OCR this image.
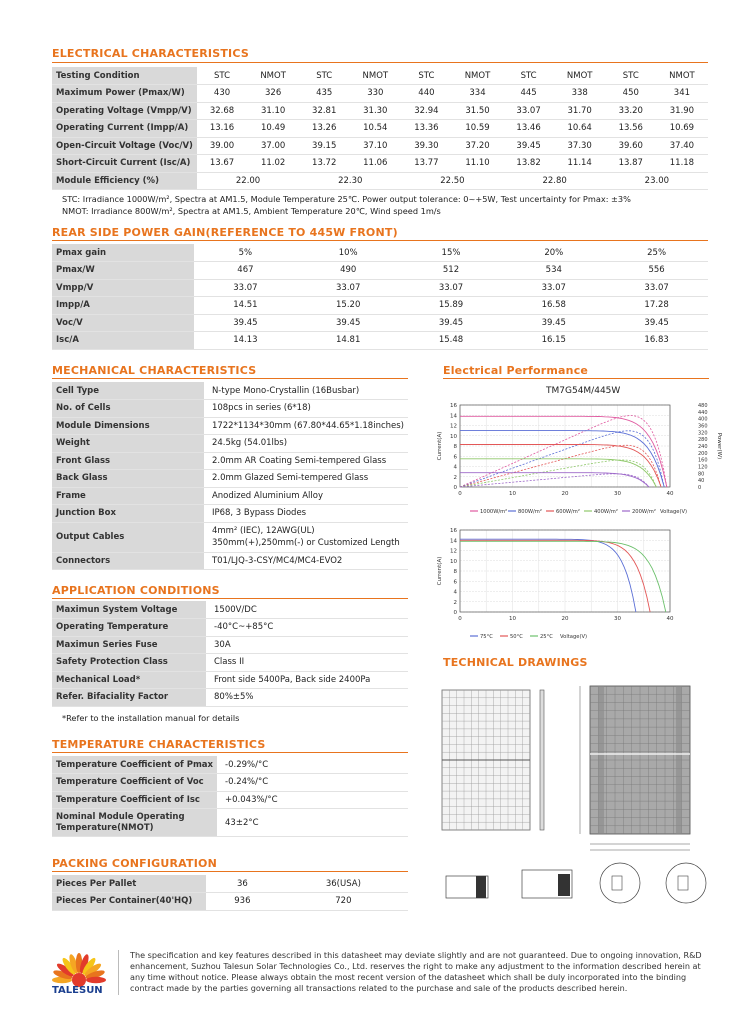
ELECTRICAL CHARACTERISTICS
Testing Condition	STC	NMOT	STC	NMOT	STC	NMOT	STC	NMOT	STC	NMOT
Maximum Power (Pmax/W)	430	326	435	330	440	334	445	338	450	341
Operating Voltage (Vmpp/V)	32.68	31.10	32.81	31.30	32.94	31.50	33.07	31.70	33.20	31.90
Operating Current (Impp/A)	13.16	10.49	13.26	10.54	13.36	10.59	13.46	10.64	13.56	10.69
Open-Circuit Voltage (Voc/V)	39.00	37.00	39.15	37.10	39.30	37.20	39.45	37.30	39.60	37.40
Short-Circuit Current (Isc/A)	13.67	11.02	13.72	11.06	13.77	11.10	13.82	11.14	13.87	11.18
Module Efficiency (%)	22.00		22.30		22.50		22.80		23.00	
STC: Irradiance 1000W/m², Spectra at AM1.5, Module Temperature 25℃. Power output tolerance: 0~+5W, Test uncertainty for Pmax: ±3%
NMOT: Irradiance 800W/m², Spectra at AM1.5, Ambient Temperature 20℃, Wind speed 1m/s
REAR SIDE POWER GAIN(REFERENCE TO 445W FRONT)
Pmax gain	5%	10%	15%	20%	25%
Pmax/W	467	490	512	534	556
Vmpp/V	33.07	33.07	33.07	33.07	33.07
Impp/A	14.51	15.20	15.89	16.58	17.28
Voc/V	39.45	39.45	39.45	39.45	39.45
Isc/A	14.13	14.81	15.48	16.15	16.83
MECHANICAL CHARACTERISTICS
Cell Type	N-type Mono-Crystallin (16Busbar)

No. of Cells	108pcs in series (6*18)

Module Dimensions	1722*1134*30mm (67.80*44.65*1.18inches)

Weight	24.5kg (54.01lbs)

Front Glass	2.0mm AR Coating Semi-tempered Glass

Back Glass	2.0mm Glazed Semi-tempered Glass

Frame	Anodized Aluminium Alloy

Junction Box	IP68, 3 Bypass Diodes

Output Cables	4mm² (IEC), 12AWG(UL)
350mm(+),250mm(-) or Customized Length

Connectors	T01/LJQ-3-CSY/MC4/MC4-EVO2
APPLICATION CONDITIONS
Maximun System Voltage	1500V/DC

Operating Temperature	-40°C~+85°C

Maximun Series Fuse	30A

Safety Protection Class	Class II

Mechanical Load*	Front side 5400Pa, Back side 2400Pa

Refer. Bifaciality Factor	80%±5%
*Refer to the installation manual for details
TEMPERATURE CHARACTERISTICS
Temperature Coefficient of Pmax	-0.29%/°C

Temperature Coefficient of Voc	-0.24%/°C

Temperature Coefficient of Isc	+0.043%/°C

Nominal Module Operating
Temperature(NMOT)	43±2°C
PACKING CONFIGURATION
Pieces Per Pallet	36	36(USA)
Pieces Per Container(40'HQ)	936	720
Electrical Performance
TM7G54M/445W
0	10	20	30	40
0
2
4
6
8
10
12
14
16
Current(A)
0
40
80
120
160
200
240
280
320
360
400
440
480
Power(W)
1000W/m² 800W/m²	600W/m²	400W/m²	200W/m² Voltage(V)
0	10	20	30	40
0
2
4
6
8
10
12
14
16
Current(A)
75°C	50°C	25°C Voltage(V)
TECHNICAL DRAWINGS
TALESUN
The specification and key features described in this datasheet may deviate slightly and are not guaranteed. Due to ongoing innovation, R&D enhancement, Suzhou Talesun Solar Technologies Co., Ltd. reserves the right to make any adjustment to the information described herein at any time without notice. Please always obtain the most recent version of the datasheet which shall be duly incorporated into the binding contract made by the parties governing all transactions related to the purchase and sale of the products described herein.
